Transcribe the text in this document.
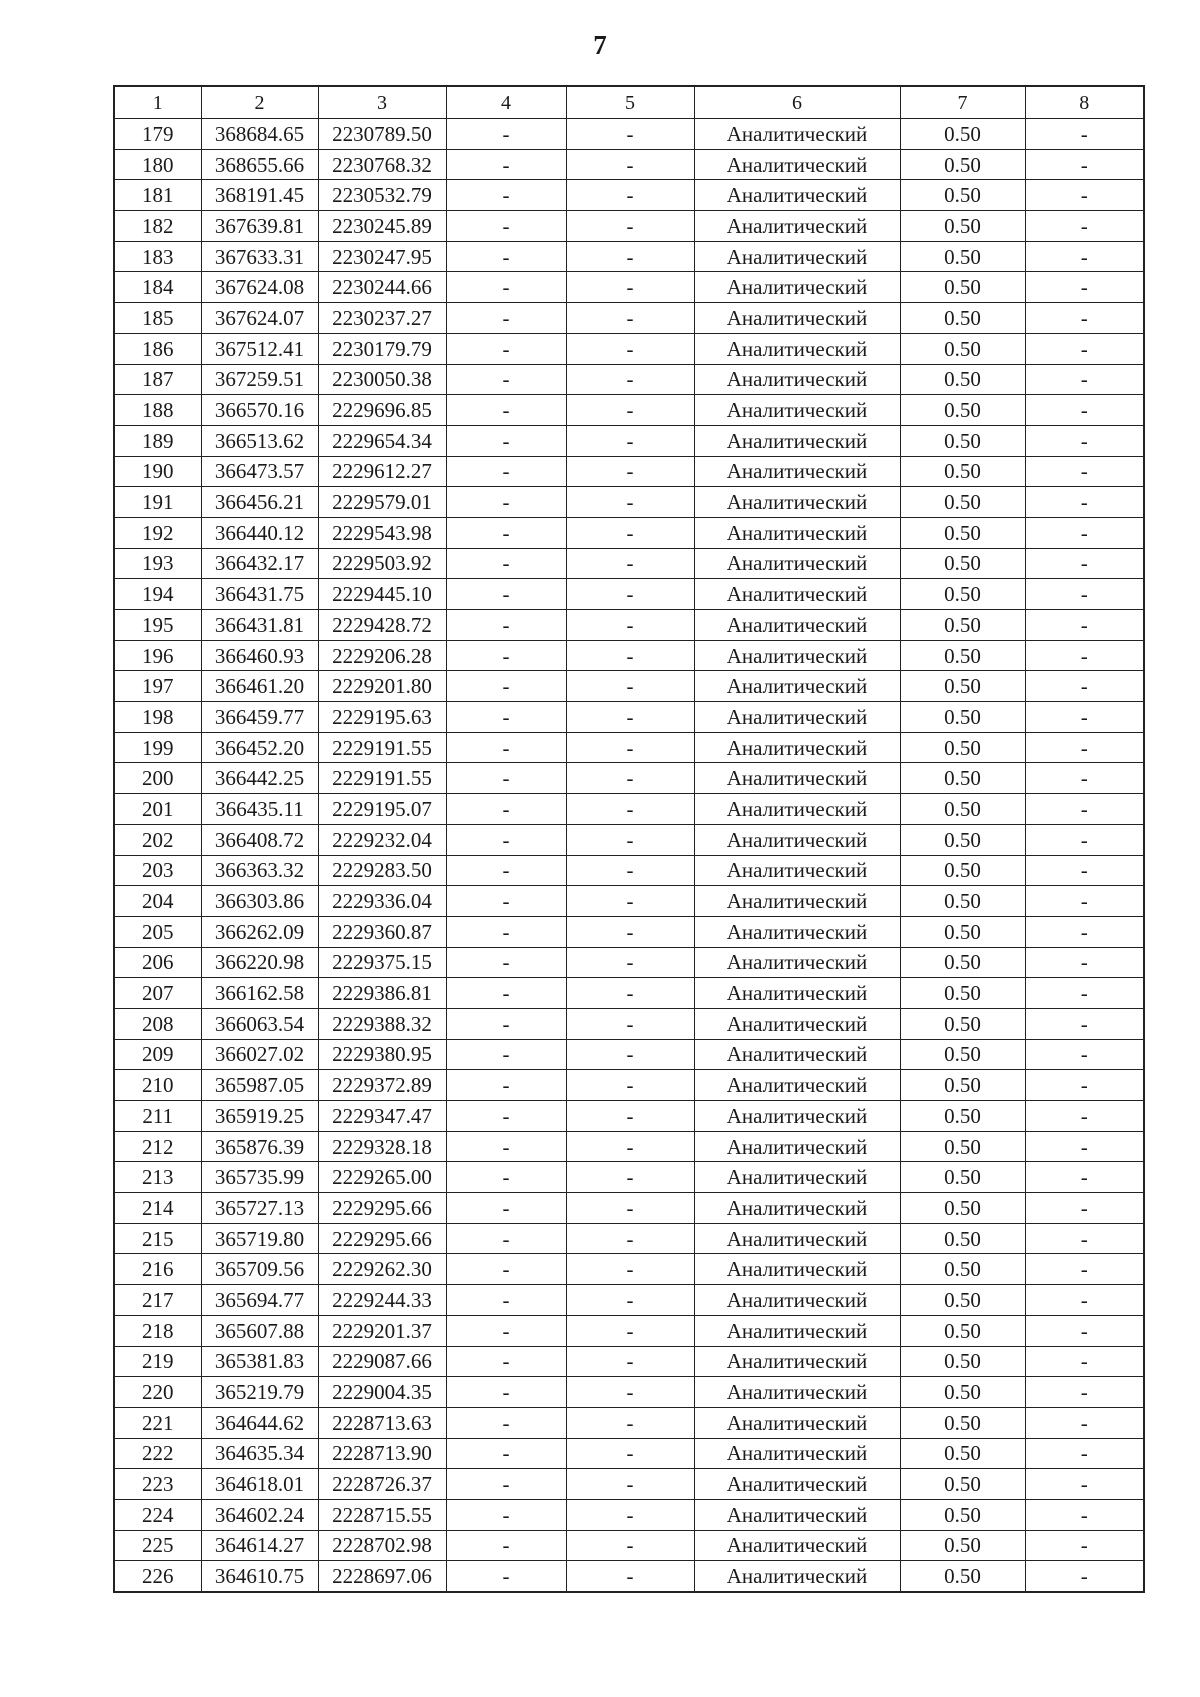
7
1	2	3	4	5	6	7	8
179	368684.65	2230789.50	-	-	Аналитический	0.50	-
180	368655.66	2230768.32	-	-	Аналитический	0.50	-
181	368191.45	2230532.79	-	-	Аналитический	0.50	-
182	367639.81	2230245.89	-	-	Аналитический	0.50	-
183	367633.31	2230247.95	-	-	Аналитический	0.50	-
184	367624.08	2230244.66	-	-	Аналитический	0.50	-
185	367624.07	2230237.27	-	-	Аналитический	0.50	-
186	367512.41	2230179.79	-	-	Аналитический	0.50	-
187	367259.51	2230050.38	-	-	Аналитический	0.50	-
188	366570.16	2229696.85	-	-	Аналитический	0.50	-
189	366513.62	2229654.34	-	-	Аналитический	0.50	-
190	366473.57	2229612.27	-	-	Аналитический	0.50	-
191	366456.21	2229579.01	-	-	Аналитический	0.50	-
192	366440.12	2229543.98	-	-	Аналитический	0.50	-
193	366432.17	2229503.92	-	-	Аналитический	0.50	-
194	366431.75	2229445.10	-	-	Аналитический	0.50	-
195	366431.81	2229428.72	-	-	Аналитический	0.50	-
196	366460.93	2229206.28	-	-	Аналитический	0.50	-
197	366461.20	2229201.80	-	-	Аналитический	0.50	-
198	366459.77	2229195.63	-	-	Аналитический	0.50	-
199	366452.20	2229191.55	-	-	Аналитический	0.50	-
200	366442.25	2229191.55	-	-	Аналитический	0.50	-
201	366435.11	2229195.07	-	-	Аналитический	0.50	-
202	366408.72	2229232.04	-	-	Аналитический	0.50	-
203	366363.32	2229283.50	-	-	Аналитический	0.50	-
204	366303.86	2229336.04	-	-	Аналитический	0.50	-
205	366262.09	2229360.87	-	-	Аналитический	0.50	-
206	366220.98	2229375.15	-	-	Аналитический	0.50	-
207	366162.58	2229386.81	-	-	Аналитический	0.50	-
208	366063.54	2229388.32	-	-	Аналитический	0.50	-
209	366027.02	2229380.95	-	-	Аналитический	0.50	-
210	365987.05	2229372.89	-	-	Аналитический	0.50	-
211	365919.25	2229347.47	-	-	Аналитический	0.50	-
212	365876.39	2229328.18	-	-	Аналитический	0.50	-
213	365735.99	2229265.00	-	-	Аналитический	0.50	-
214	365727.13	2229295.66	-	-	Аналитический	0.50	-
215	365719.80	2229295.66	-	-	Аналитический	0.50	-
216	365709.56	2229262.30	-	-	Аналитический	0.50	-
217	365694.77	2229244.33	-	-	Аналитический	0.50	-
218	365607.88	2229201.37	-	-	Аналитический	0.50	-
219	365381.83	2229087.66	-	-	Аналитический	0.50	-
220	365219.79	2229004.35	-	-	Аналитический	0.50	-
221	364644.62	2228713.63	-	-	Аналитический	0.50	-
222	364635.34	2228713.90	-	-	Аналитический	0.50	-
223	364618.01	2228726.37	-	-	Аналитический	0.50	-
224	364602.24	2228715.55	-	-	Аналитический	0.50	-
225	364614.27	2228702.98	-	-	Аналитический	0.50	-
226	364610.75	2228697.06	-	-	Аналитический	0.50	-
